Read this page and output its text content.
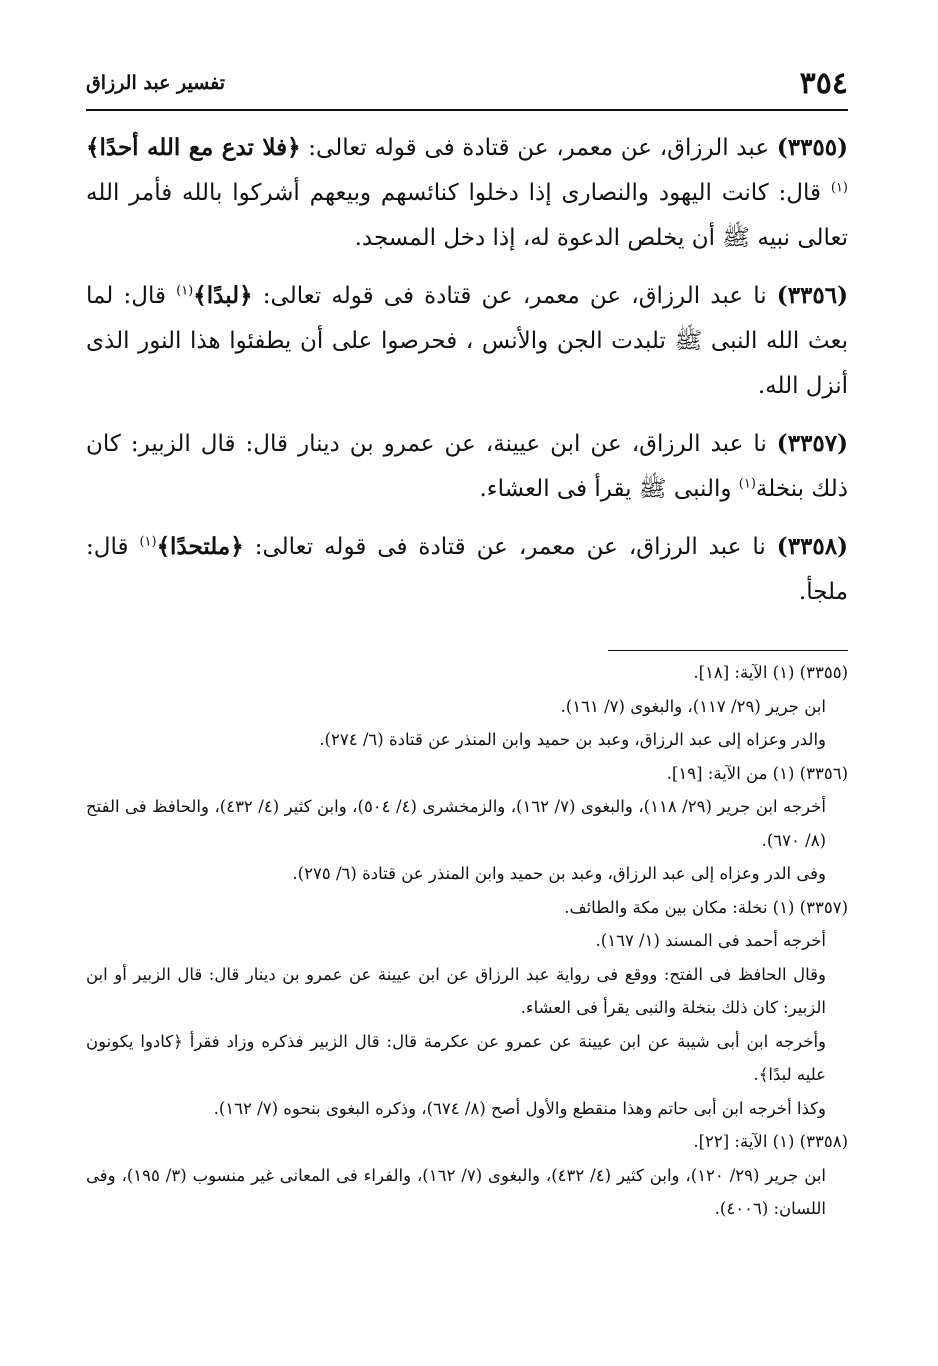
٣٥٤
تفسير عبد الرزاق

(٣٣٥٥) عبد الرزاق، عن معمر، عن قتادة فى قوله تعالى: ﴿فلا تدع مع الله أحدًا﴾$^{(١)}$ قال: كانت اليهود والنصارى إذا دخلوا كنائسهم وبيعهم أشركوا بالله فأمر الله تعالى نبيه ﷺ أن يخلص الدعوة له، إذا دخل المسجد.

(٣٣٥٦) نا عبد الرزاق، عن معمر، عن قتادة فى قوله تعالى: ﴿لبدًا﴾$^{(١)}$ قال: لما بعث الله النبى ﷺ تلبدت الجن والأنس ، فحرصوا على أن يطفئوا هذا النور الذى أنزل الله.

(٣٣٥٧) نا عبد الرزاق، عن ابن عيينة، عن عمرو بن دينار قال: قال الزبير: كان ذلك بنخلة$^{(١)}$ والنبى ﷺ يقرأ فى العشاء.

(٣٣٥٨) نا عبد الرزاق، عن معمر، عن قتادة فى قوله تعالى: ﴿ملتحدًا﴾$^{(١)}$ قال: ملجأ.

(٣٣٥٥) (١) الآية: [١٨].

ابن جرير (٢٩/ ١١٧)، والبغوى (٧/ ١٦١).

والدر وعزاه إلى عبد الرزاق، وعبد بن حميد وابن المنذر عن قتادة (٦/ ٢٧٤).

(٣٣٥٦) (١) من الآية: [١٩].

أخرجه ابن جرير (٢٩/ ١١٨)، والبغوى (٧/ ١٦٢)، والزمخشرى (٤/ ٥٠٤)، وابن كثير (٤/ ٤٣٢)، والحافظ فى الفتح (٨/ ٦٧٠).

وفى الدر وعزاه إلى عبد الرزاق، وعبد بن حميد وابن المنذر عن قتادة (٦/ ٢٧٥).

(٣٣٥٧) (١) نخلة: مكان بين مكة والطائف.

أخرجه أحمد فى المسند (١/ ١٦٧).

وقال الحافظ فى الفتح: ووقع فى رواية عبد الرزاق عن ابن عيينة عن عمرو بن دينار قال: قال الزبير أو ابن الزبير: كان ذلك بنخلة والنبى يقرأ فى العشاء.

وأخرجه ابن أبى شيبة عن ابن عيينة عن عمرو عن عكرمة قال: قال الزبير فذكره وزاد فقرأ ﴿كادوا يكونون عليه لبدًا﴾.

وكذا أخرجه ابن أبى حاتم وهذا منقطع والأول أصح (٨/ ٦٧٤)، وذكره البغوى بنحوه (٧/ ١٦٢).

(٣٣٥٨) (١) الآية: [٢٢].

ابن جرير (٢٩/ ١٢٠)، وابن كثير (٤/ ٤٣٢)، والبغوى (٧/ ١٦٢)، والفراء فى المعانى غير منسوب (٣/ ١٩٥)، وفى اللسان: (٤٠٠٦).
